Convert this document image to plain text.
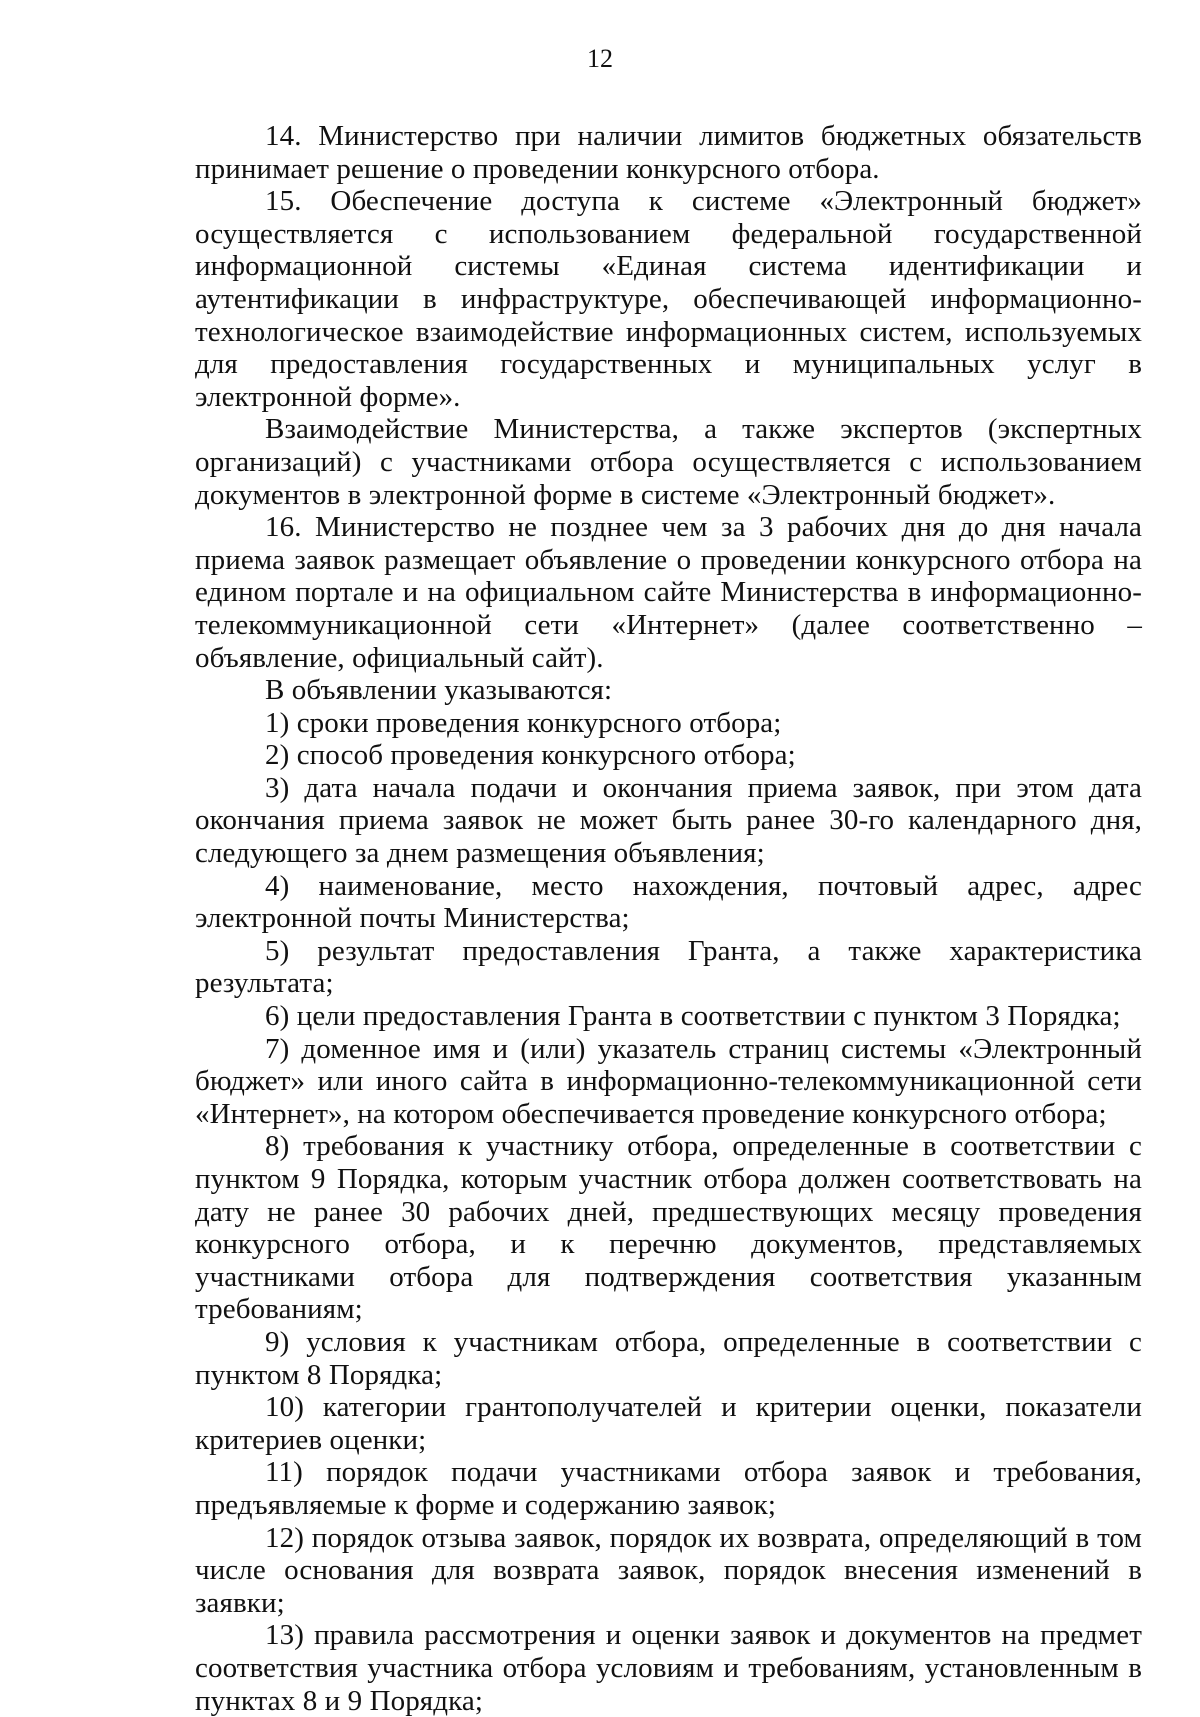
12

14. Министерство при наличии лимитов бюджетных обязательств принимает решение о проведении конкурсного отбора.

15. Обеспечение доступа к системе «Электронный бюджет» осуществляется с использованием федеральной государственной информационной системы «Единая система идентификации и аутентификации в инфраструктуре, обеспечивающей информационно-технологическое взаимодействие информационных систем, используемых для предоставления государственных и муниципальных услуг в электронной форме».

Взаимодействие Министерства, а также экспертов (экспертных организаций) с участниками отбора осуществляется с использованием документов в электронной форме в системе «Электронный бюджет».

16. Министерство не позднее чем за 3 рабочих дня до дня начала приема заявок размещает объявление о проведении конкурсного отбора на едином портале и на официальном сайте Министерства в информационно-телекоммуникационной сети «Интернет» (далее соответственно – объявление, официальный сайт).

В объявлении указываются:

1) сроки проведения конкурсного отбора;

2) способ проведения конкурсного отбора;

3) дата начала подачи и окончания приема заявок, при этом дата окончания приема заявок не может быть ранее 30-го календарного дня, следующего за днем размещения объявления;

4) наименование, место нахождения, почтовый адрес, адрес электронной почты Министерства;

5) результат предоставления Гранта, а также характеристика результата;

6) цели предоставления Гранта в соответствии с пунктом 3 Порядка;

7) доменное имя и (или) указатель страниц системы «Электронный бюджет» или иного сайта в информационно-телекоммуникационной сети «Интернет», на котором обеспечивается проведение конкурсного отбора;

8) требования к участнику отбора, определенные в соответствии с пунктом 9 Порядка, которым участник отбора должен соответствовать на дату не ранее 30 рабочих дней, предшествующих месяцу проведения конкурсного отбора, и к перечню документов, представляемых участниками отбора для подтверждения соответствия указанным требованиям;

9) условия к участникам отбора, определенные в соответствии с пунктом 8 Порядка;

10) категории грантополучателей и критерии оценки, показатели критериев оценки;

11) порядок подачи участниками отбора заявок и требования, предъявляемые к форме и содержанию заявок;

12) порядок отзыва заявок, порядок их возврата, определяющий в том числе основания для возврата заявок, порядок внесения изменений в заявки;

13) правила рассмотрения и оценки заявок и документов на предмет соответствия участника отбора условиям и требованиям, установленным в пунктах 8 и 9 Порядка;
